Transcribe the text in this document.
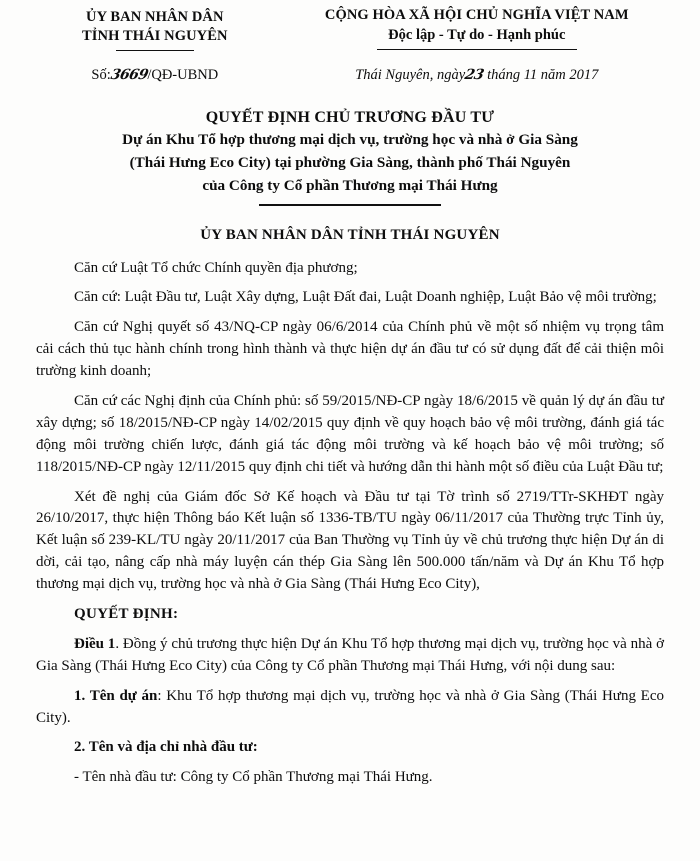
ỦY BAN NHÂN DÂN
TỈNH THÁI NGUYÊN
CỘNG HÒA XÃ HỘI CHỦ NGHĨA VIỆT NAM
Độc lập - Tự do - Hạnh phúc
Số:3669/QĐ-UBND	Thái Nguyên, ngày23 tháng 11 năm 2017
QUYẾT ĐỊNH CHỦ TRƯƠNG ĐẦU TƯ
Dự án Khu Tổ hợp thương mại dịch vụ, trường học và nhà ở Gia Sàng
(Thái Hưng Eco City) tại phường Gia Sàng, thành phố Thái Nguyên
của Công ty Cổ phần Thương mại Thái Hưng
ỦY BAN NHÂN DÂN TỈNH THÁI NGUYÊN

Căn cứ Luật Tổ chức Chính quyền địa phương;

Căn cứ: Luật Đầu tư, Luật Xây dựng, Luật Đất đai, Luật Doanh nghiệp, Luật Bảo vệ môi trường;

Căn cứ Nghị quyết số 43/NQ-CP ngày 06/6/2014 của Chính phủ về một số nhiệm vụ trọng tâm cải cách thủ tục hành chính trong hình thành và thực hiện dự án đầu tư có sử dụng đất để cải thiện môi trường kinh doanh;

Căn cứ các Nghị định của Chính phủ: số 59/2015/NĐ-CP ngày 18/6/2015 về quản lý dự án đầu tư xây dựng; số 18/2015/NĐ-CP ngày 14/02/2015 quy định về quy hoạch bảo vệ môi trường, đánh giá tác động môi trường chiến lược, đánh giá tác động môi trường và kế hoạch bảo vệ môi trường; số 118/2015/NĐ-CP ngày 12/11/2015 quy định chi tiết và hướng dẫn thi hành một số điều của Luật Đầu tư;

Xét đề nghị của Giám đốc Sở Kế hoạch và Đầu tư tại Tờ trình số 2719/TTr-SKHĐT ngày 26/10/2017, thực hiện Thông báo Kết luận số 1336-TB/TU ngày 06/11/2017 của Thường trực Tỉnh ủy, Kết luận số 239-KL/TU ngày 20/11/2017 của Ban Thường vụ Tỉnh ủy về chủ trương thực hiện Dự án di dời, cải tạo, nâng cấp nhà máy luyện cán thép Gia Sàng lên 500.000 tấn/năm và Dự án Khu Tổ hợp thương mại dịch vụ, trường học và nhà ở Gia Sàng (Thái Hưng Eco City),

QUYẾT ĐỊNH:

Điều 1. Đồng ý chủ trương thực hiện Dự án Khu Tổ hợp thương mại dịch vụ, trường học và nhà ở Gia Sàng (Thái Hưng Eco City) của Công ty Cổ phần Thương mại Thái Hưng, với nội dung sau:

1. Tên dự án: Khu Tổ hợp thương mại dịch vụ, trường học và nhà ở Gia Sàng (Thái Hưng Eco City).

2. Tên và địa chỉ nhà đầu tư:

- Tên nhà đầu tư: Công ty Cổ phần Thương mại Thái Hưng.
